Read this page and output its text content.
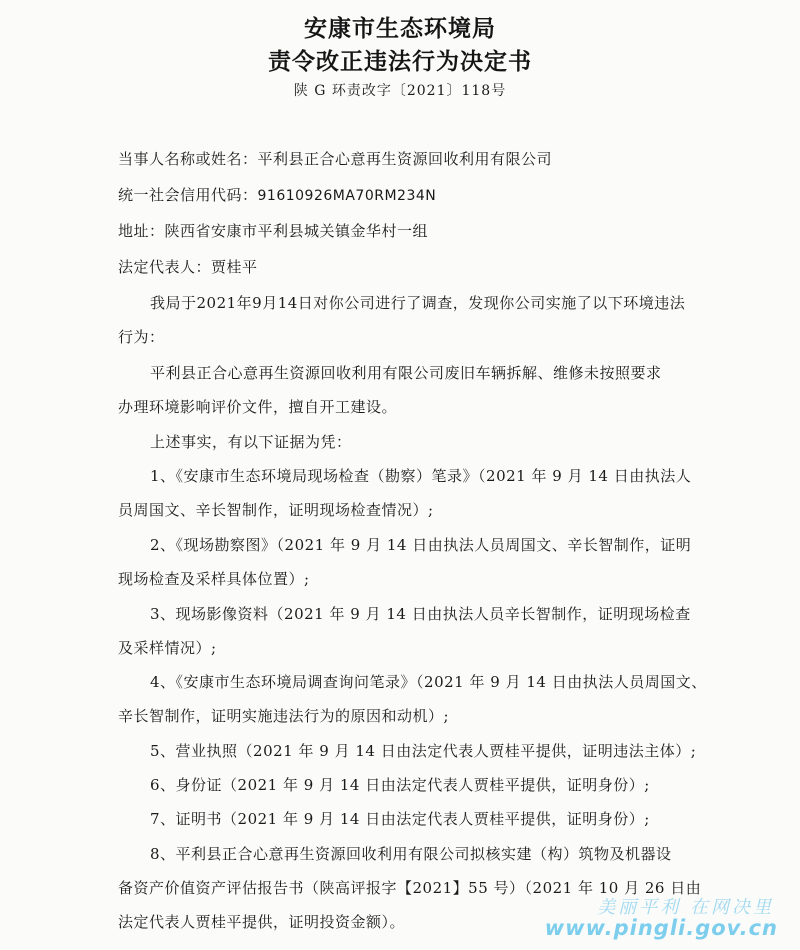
安康市生态环境局
责令改正违法行为决定书
陕 G 环责改字〔2021〕118号
当事人名称或姓名：平利县正合心意再生资源回收利用有限公司
统一社会信用代码：91610926MA70RM234N
地址：陕西省安康市平利县城关镇金华村一组
法定代表人：贾桂平
我局于2021年9月14日对你公司进行了调查，发现你公司实施了以下环境违法
行为：
平利县正合心意再生资源回收利用有限公司废旧车辆拆解、维修未按照要求
办理环境影响评价文件，擅自开工建设。
上述事实，有以下证据为凭：
1、《安康市生态环境局现场检查（勘察）笔录》（2021 年 9 月 14 日由执法人
员周国文、辛长智制作，证明现场检查情况）;
2、《现场勘察图》（2021 年 9 月 14 日由执法人员周国文、辛长智制作，证明
现场检查及采样具体位置）;
3、现场影像资料（2021 年 9 月 14 日由执法人员辛长智制作，证明现场检查
及采样情况）;
4、《安康市生态环境局调查询问笔录》（2021 年 9 月 14 日由执法人员周国文、
辛长智制作，证明实施违法行为的原因和动机）;
5、营业执照（2021 年 9 月 14 日由法定代表人贾桂平提供，证明违法主体）;
6、身份证（2021 年 9 月 14 日由法定代表人贾桂平提供，证明身份）;
7、证明书（2021 年 9 月 14 日由法定代表人贾桂平提供，证明身份）;
8、平利县正合心意再生资源回收利用有限公司拟核实建（构）筑物及机器设
备资产价值资产评估报告书（陕高评报字【2021】55 号）（2021 年 10 月 26 日由
法定代表人贾桂平提供，证明投资金额）。
美丽平利 在网决里
www.pingli.gov.cn
